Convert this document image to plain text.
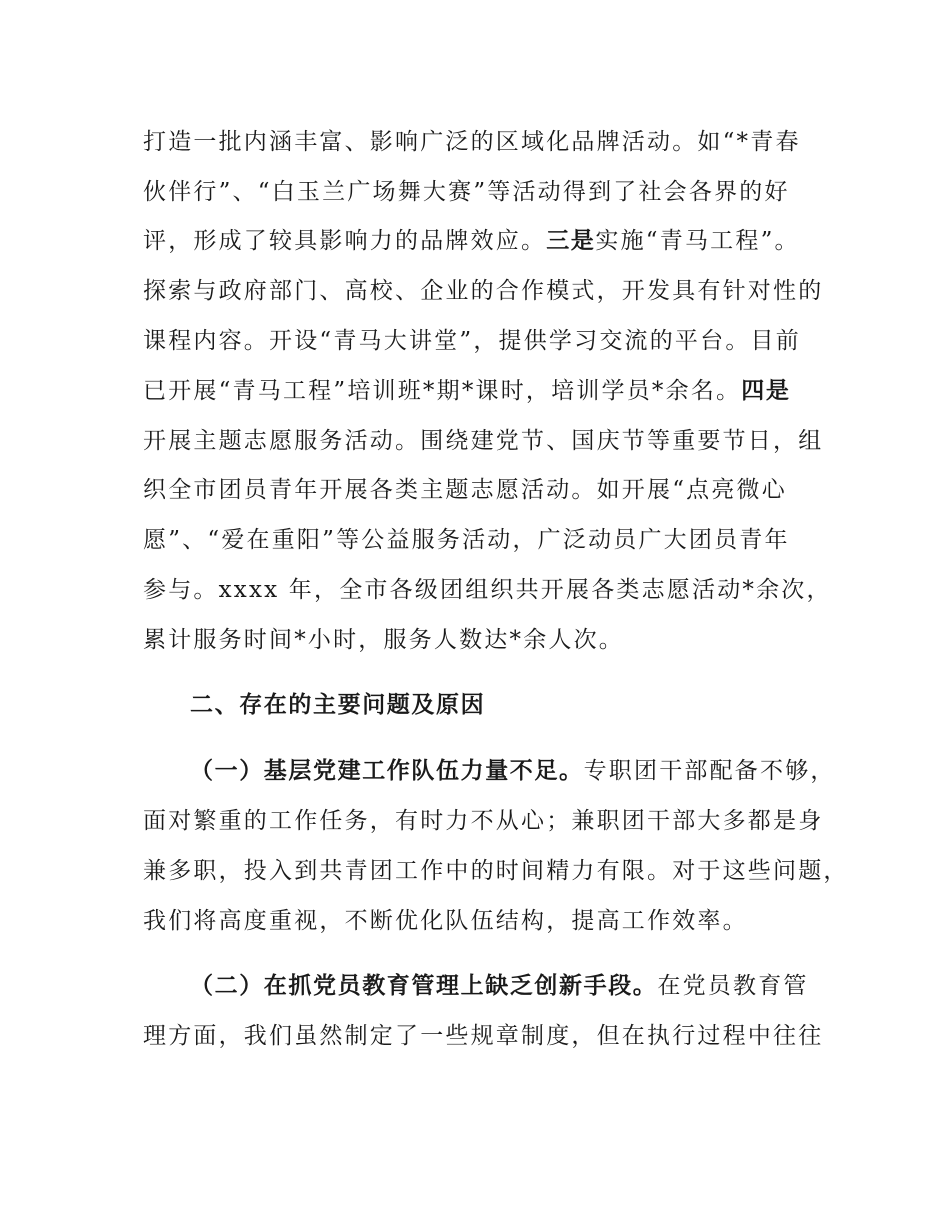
打造一批内涵丰富、影响广泛的区域化品牌活动。如“*青春
伙伴行”、“白玉兰广场舞大赛”等活动得到了社会各界的好
评，形成了较具影响力的品牌效应。三是实施“青马工程”。
探索与政府部门、高校、企业的合作模式，开发具有针对性的
课程内容。开设“青马大讲堂”，提供学习交流的平台。目前
已开展“青马工程”培训班*期*课时，培训学员*余名。四是
开展主题志愿服务活动。围绕建党节、国庆节等重要节日，组
织全市团员青年开展各类主题志愿活动。如开展“点亮微心
愿”、“爱在重阳”等公益服务活动，广泛动员广大团员青年
参与。xxxx 年，全市各级团组织共开展各类志愿活动*余次，
累计服务时间*小时，服务人数达*余人次。
二、存在的主要问题及原因
（一）基层党建工作队伍力量不足。专职团干部配备不够，
面对繁重的工作任务，有时力不从心；兼职团干部大多都是身
兼多职，投入到共青团工作中的时间精力有限。对于这些问题，
我们将高度重视，不断优化队伍结构，提高工作效率。
（二）在抓党员教育管理上缺乏创新手段。在党员教育管
理方面，我们虽然制定了一些规章制度，但在执行过程中往往
